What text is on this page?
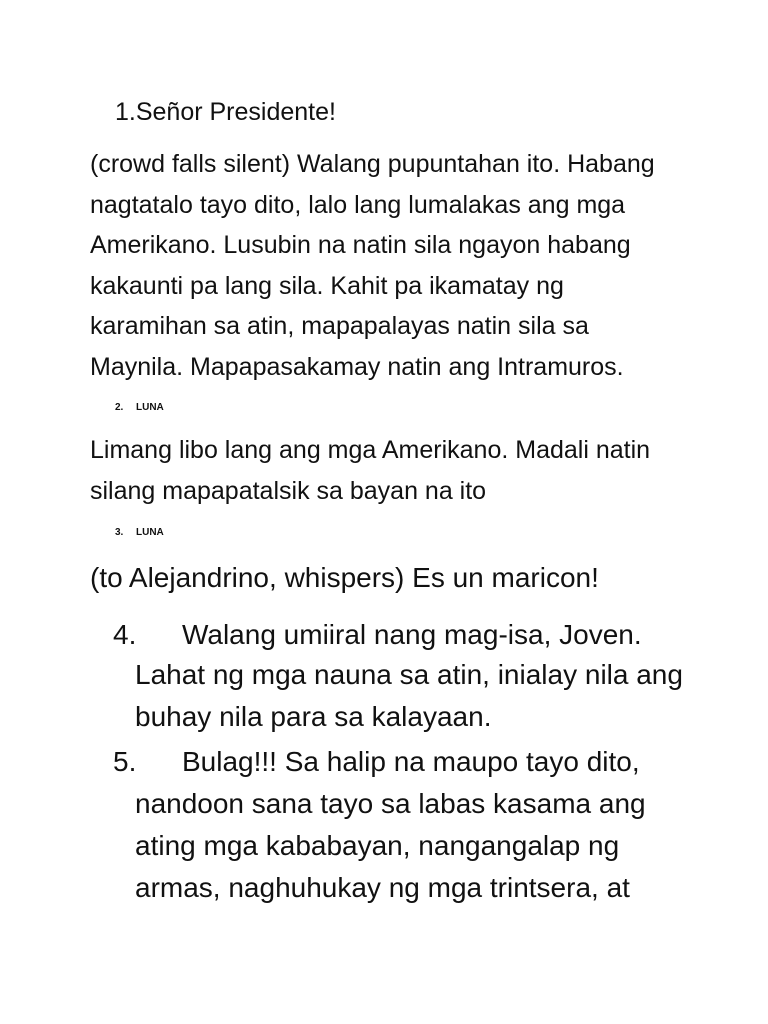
1.Señor Presidente!
(crowd falls silent) Walang pupuntahan ito. Habang
nagtatalo tayo dito, lalo lang lumalakas ang mga
Amerikano. Lusubin na natin sila ngayon habang
kakaunti pa lang sila. Kahit pa ikamatay ng
karamihan sa atin, mapapalayas natin sila sa
Maynila. Mapapasakamay natin ang Intramuros.
2. LUNA
Limang libo lang ang mga Amerikano. Madali natin
silang mapapatalsik sa bayan na ito
3. LUNA
(to Alejandrino, whispers) Es un maricon!
4. Walang umiiral nang mag-isa, Joven.
Lahat ng mga nauna sa atin, inialay nila ang
buhay nila para sa kalayaan.
5. Bulag!!! Sa halip na maupo tayo dito,
nandoon sana tayo sa labas kasama ang
ating mga kababayan, nangangalap ng
armas, naghuhukay ng mga trintsera, at
